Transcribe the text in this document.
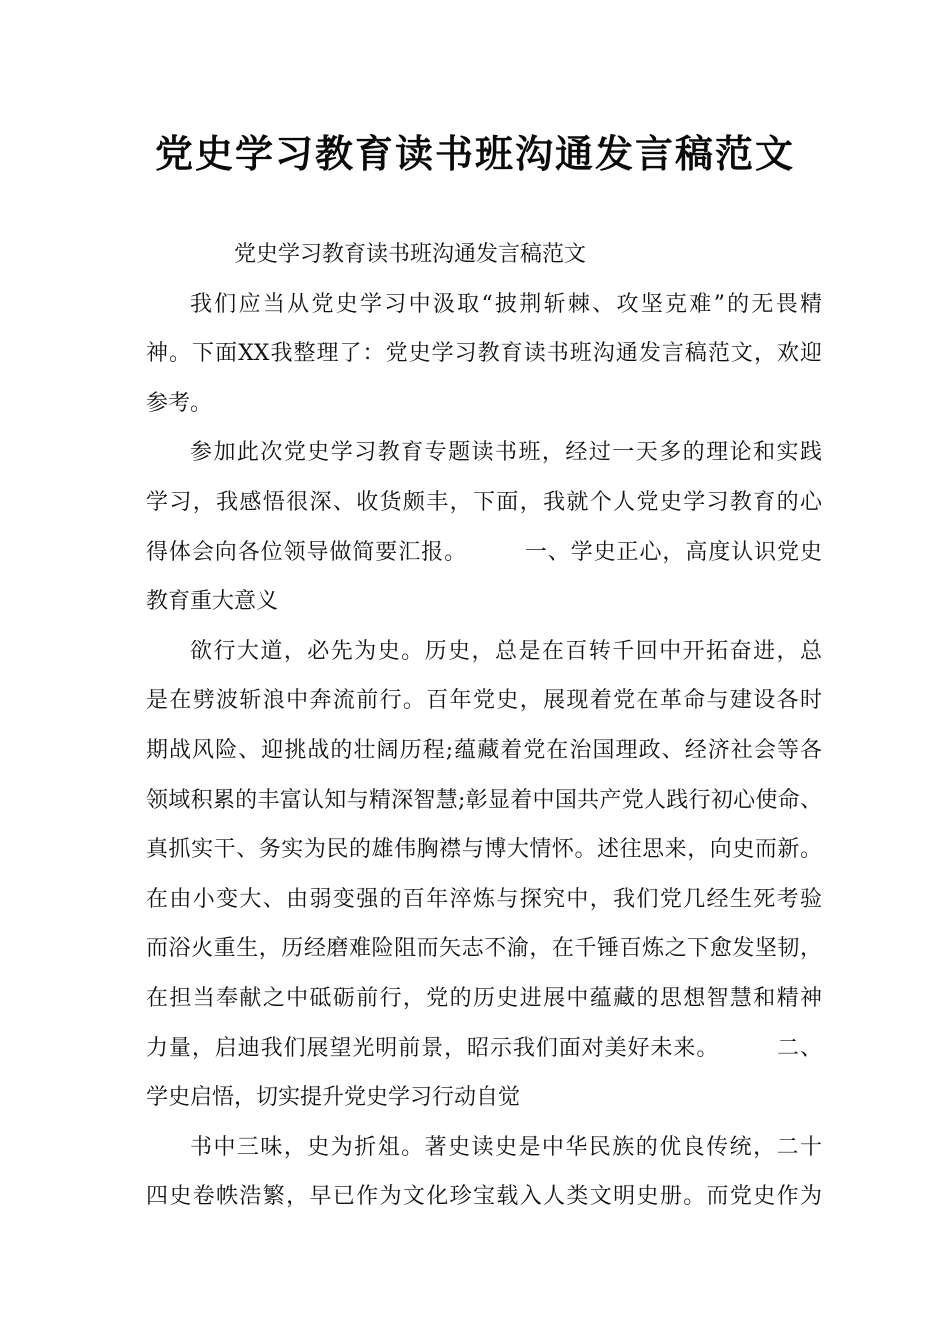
党史学习教育读书班沟通发言稿范文
党史学习教育读书班沟通发言稿范文
我们应当从党史学习中汲取“披荆斩棘、攻坚克难”的无畏精
神。下面XX我整理了：党史学习教育读书班沟通发言稿范文，欢迎
参考。
参加此次党史学习教育专题读书班，经过一天多的理论和实践
学习，我感悟很深、收货颇丰，下面，我就个人党史学习教育的心
得体会向各位领导做简要汇报。　　　一、学史正心，高度认识党史
教育重大意义
欲行大道，必先为史。历史，总是在百转千回中开拓奋进，总
是在劈波斩浪中奔流前行。百年党史，展现着党在革命与建设各时
期战风险、迎挑战的壮阔历程;蕴藏着党在治国理政、经济社会等各
领域积累的丰富认知与精深智慧;彰显着中国共产党人践行初心使命、
真抓实干、务实为民的雄伟胸襟与博大情怀。述往思来，向史而新。
在由小变大、由弱变强的百年淬炼与探究中，我们党几经生死考验
而浴火重生，历经磨难险阻而矢志不渝，在千锤百炼之下愈发坚韧，
在担当奉献之中砥砺前行，党的历史进展中蕴藏的思想智慧和精神
力量，启迪我们展望光明前景，昭示我们面对美好未来。　　　二、
学史启悟，切实提升党史学习行动自觉
书中三味，史为折俎。著史读史是中华民族的优良传统，二十
四史卷帙浩繁，早已作为文化珍宝载入人类文明史册。而党史作为
